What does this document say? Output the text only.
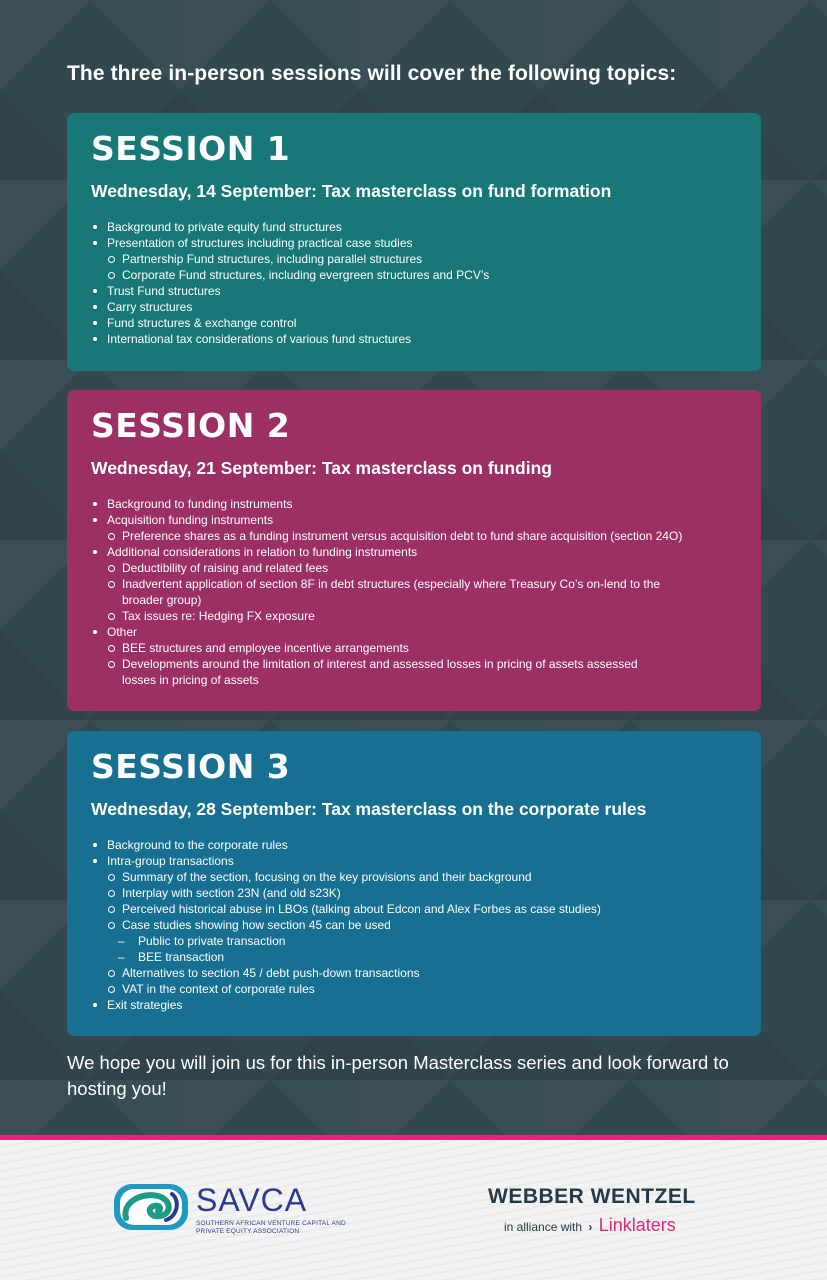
The three in-person sessions will cover the following topics:
SESSION 1
Wednesday, 14 September: Tax masterclass on fund formation
Background to private equity fund structures
Presentation of structures including practical case studies
Partnership Fund structures, including parallel structures
Corporate Fund structures, including evergreen structures and PCV’s
Trust Fund structures
Carry structures
Fund structures & exchange control
International tax considerations of various fund structures
SESSION 2
Wednesday, 21 September: Tax masterclass on funding
Background to funding instruments
Acquisition funding instruments
Preference shares as a funding instrument versus acquisition debt to fund share acquisition (section 24O)
Additional considerations in relation to funding instruments
Deductibility of raising and related fees
Inadvertent application of section 8F in debt structures (especially where Treasury Co’s on-lend to the broader group)
Tax issues re: Hedging FX exposure
Other
BEE structures and employee incentive arrangements
Developments around the limitation of interest and assessed losses in pricing of assets assessed losses in pricing of assets
SESSION 3
Wednesday, 28 September: Tax masterclass on the corporate rules
Background to the corporate rules
Intra-group transactions
Summary of the section, focusing on the key provisions and their background
Interplay with section 23N (and old s23K)
Perceived historical abuse in LBOs (talking about Edcon and Alex Forbes as case studies)
Case studies showing how section 45 can be used
– Public to private transaction
– BEE transaction
Alternatives to section 45 / debt push-down transactions
VAT in the context of corporate rules
Exit strategies
We hope you will join us for this in-person Masterclass series and look forward to hosting you!
SAVCA
SOUTHERN AFRICAN VENTURE CAPITAL AND PRIVATE EQUITY ASSOCIATION
WEBBER WENTZEL
in alliance with › Linklaters
